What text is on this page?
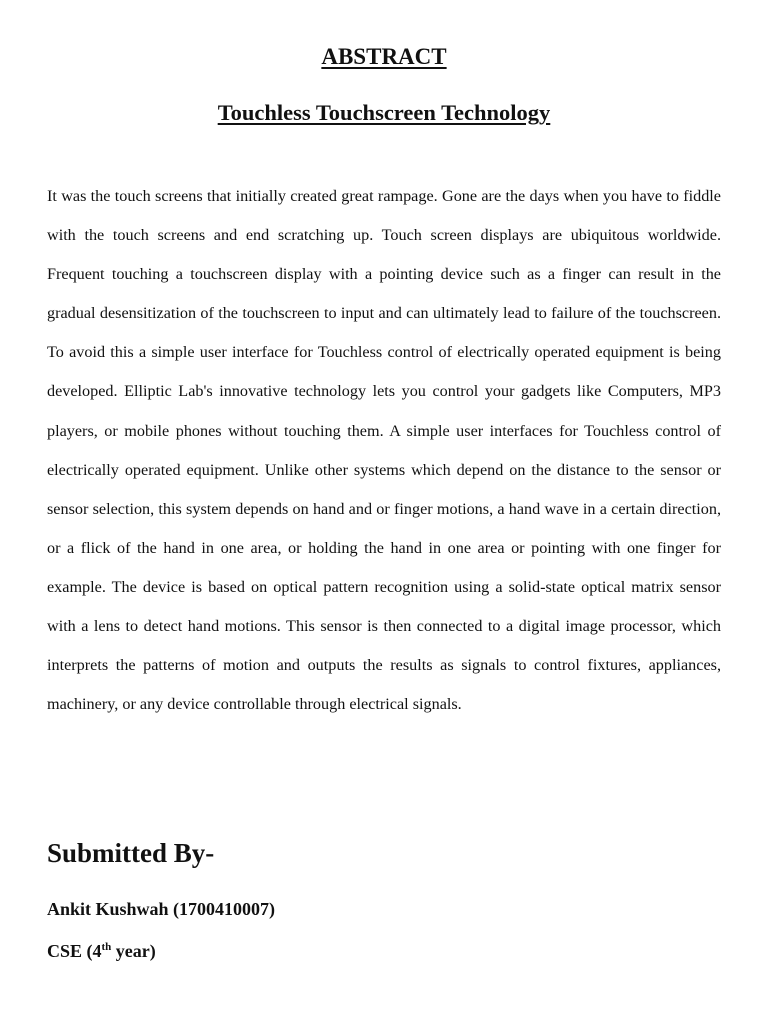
ABSTRACT
Touchless Touchscreen Technology

It was the touch screens that initially created great rampage. Gone are the days when you have to fiddle with the touch screens and end scratching up. Touch screen displays are ubiquitous worldwide. Frequent touching a touchscreen display with a pointing device such as a finger can result in the gradual desensitization of the touchscreen to input and can ultimately lead to failure of the touchscreen. To avoid this a simple user interface for Touchless control of electrically operated equipment is being developed. Elliptic Lab's innovative technology lets you control your gadgets like Computers, MP3 players, or mobile phones without touching them. A simple user interfaces for Touchless control of electrically operated equipment. Unlike other systems which depend on the distance to the sensor or sensor selection, this system depends on hand and or finger motions, a hand wave in a certain direction, or a flick of the hand in one area, or holding the hand in one area or pointing with one finger for example. The device is based on optical pattern recognition using a solid-state optical matrix sensor with a lens to detect hand motions. This sensor is then connected to a digital image processor, which interprets the patterns of motion and outputs the results as signals to control fixtures, appliances, machinery, or any device controllable through electrical signals.

Submitted By-

Ankit Kushwah (1700410007)

CSE (4th year)
